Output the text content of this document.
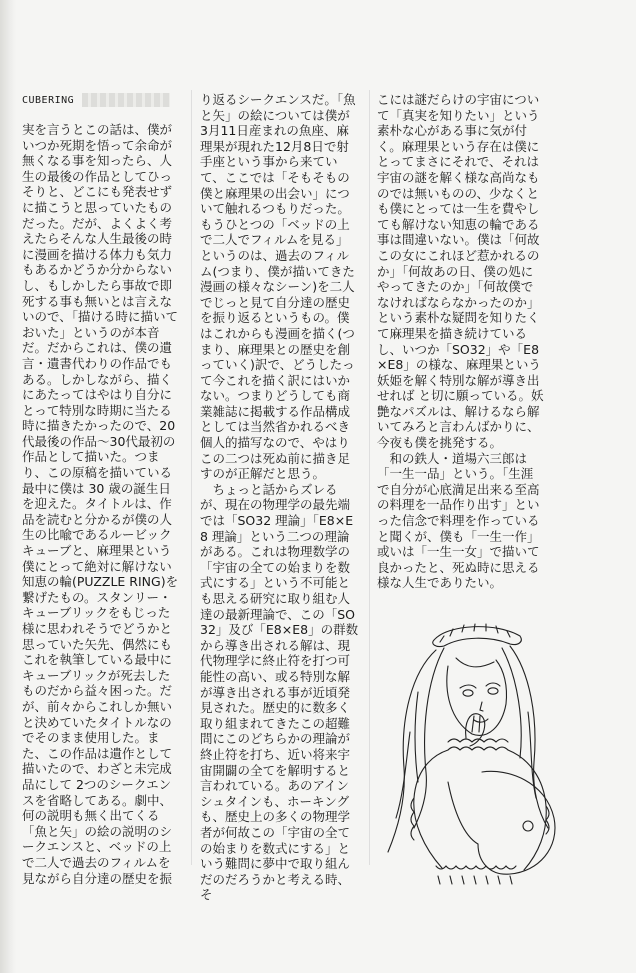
CUBERING
実を言うとこの話は、僕がいつか死期を悟って余命が無くなる事を知ったら、人生の最後の作品としてひっそりと、どこにも発表せずに描こうと思っていたものだった。だが、よくよく考えたらそんな人生最後の時に漫画を描ける体力も気力もあるかどうか分からないし、もしかしたら事故で即死する事も無いとは言えないので、「描ける時に描いておいた」というのが本音だ。だからこれは、僕の遺言・遺書代わりの作品でもある。しかしながら、描くにあたってはやはり自分にとって特別な時期に当たる時に描きたかったので、20 代最後の作品～30代最初の作品として描いた。つまり、この原稿を描いている最中に僕は 30 歳の誕生日を迎えた。タイトルは、作品を読むと分かるが僕の人生の比喩であるルービックキューブと、麻理果という僕にとって絶対に解けない知恵の輪(PUZZLE RING)を繋げたもの。スタンリー・キューブリックをもじった様に思われそうでどうかと思っていた矢先、偶然にもこれを執筆している最中にキューブリックが死去したものだから益々困った。だが、前々からこれしか無いと決めていたタイトルなのでそのまま使用した。また、この作品は遺作として描いたので、わざと未完成品にして 2つのシークエンスを省略してある。劇中、何の説明も無く出てくる「魚と矢」の絵の説明のシークエンスと、ベッドの上で二人で過去のフィルムを見ながら自分達の歴史を振
り返るシークエンスだ。「魚と矢」の絵については僕が 3月11日産まれの魚座、麻理果が現れた12月8日で射手座という事から来ていて、ここでは「そもそもの僕と麻理果の出会い」について触れるつもりだった。もうひとつの「ベッドの上で二人でフィルムを見る」というのは、過去のフィルム(つまり、僕が描いてきた漫画の様々なシーン)を二人でじっと見て自分達の歴史を振り返るというもの。僕はこれからも漫画を描く(つまり、麻理果との歴史を創っていく)訳で、どうしたって今これを描く訳にはいかない。つまりどうしても商業雑誌に掲載する作品構成としては当然省かれるべき個人的描写なので、やはりこの二つは死ぬ前に描き足すのが正解だと思う。
　ちょっと話からズレるが、現在の物理学の最先端では「SO32 理論」「E8×E8 理論」という二つの理論がある。これは物理数学の「宇宙の全ての始まりを数式にする」という不可能とも思える研究に取り組む人達の最新理論で、この「SO32」及び「E8×E8」の群数から導き出される解は、現代物理学に終止符を打つ可能性の高い、或る特別な解が導き出される事が近頃発見された。歴史的に数多く取り組まれてきたこの超難問にこのどちらかの理論が終止符を打ち、近い将来宇宙開闢の全てを解明すると言われている。あのアインシュタインも、ホーキングも、歴史上の多くの物理学者が何故この「宇宙の全ての始まりを数式にする」という難問に夢中で取り組んだのだろうかと考える時、そ
こには謎だらけの宇宙について「真実を知りたい」という素朴な心がある事に気が付く。麻理果という存在は僕にとってまさにそれで、それは宇宙の謎を解く様な高尚なものでは無いものの、少なくとも僕にとっては一生を費やしても解けない知恵の輪である事は間違いない。僕は「何故この女にこれほど惹かれるのか」「何故あの日、僕の処にやってきたのか」「何故僕でなければならなかったのか」という素朴な疑問を知りたくて麻理果を描き続けているし、いつか「SO32」や「E8×E8」の様な、麻理果という妖姫を解く特別な解が導き出せれば と切に願っている。妖艶なパズルは、解けるなら解いてみろと言わんばかりに、今夜も僕を挑発する。
　和の鉄人・道場六三郎は「一生一品」という。「生涯で自分が心底満足出来る至高の料理を一品作り出す」といった信念で料理を作っていると聞くが、僕も「一生一作」或いは「一生一女」で描いて良かったと、死ぬ時に思える様な人生でありたい。
